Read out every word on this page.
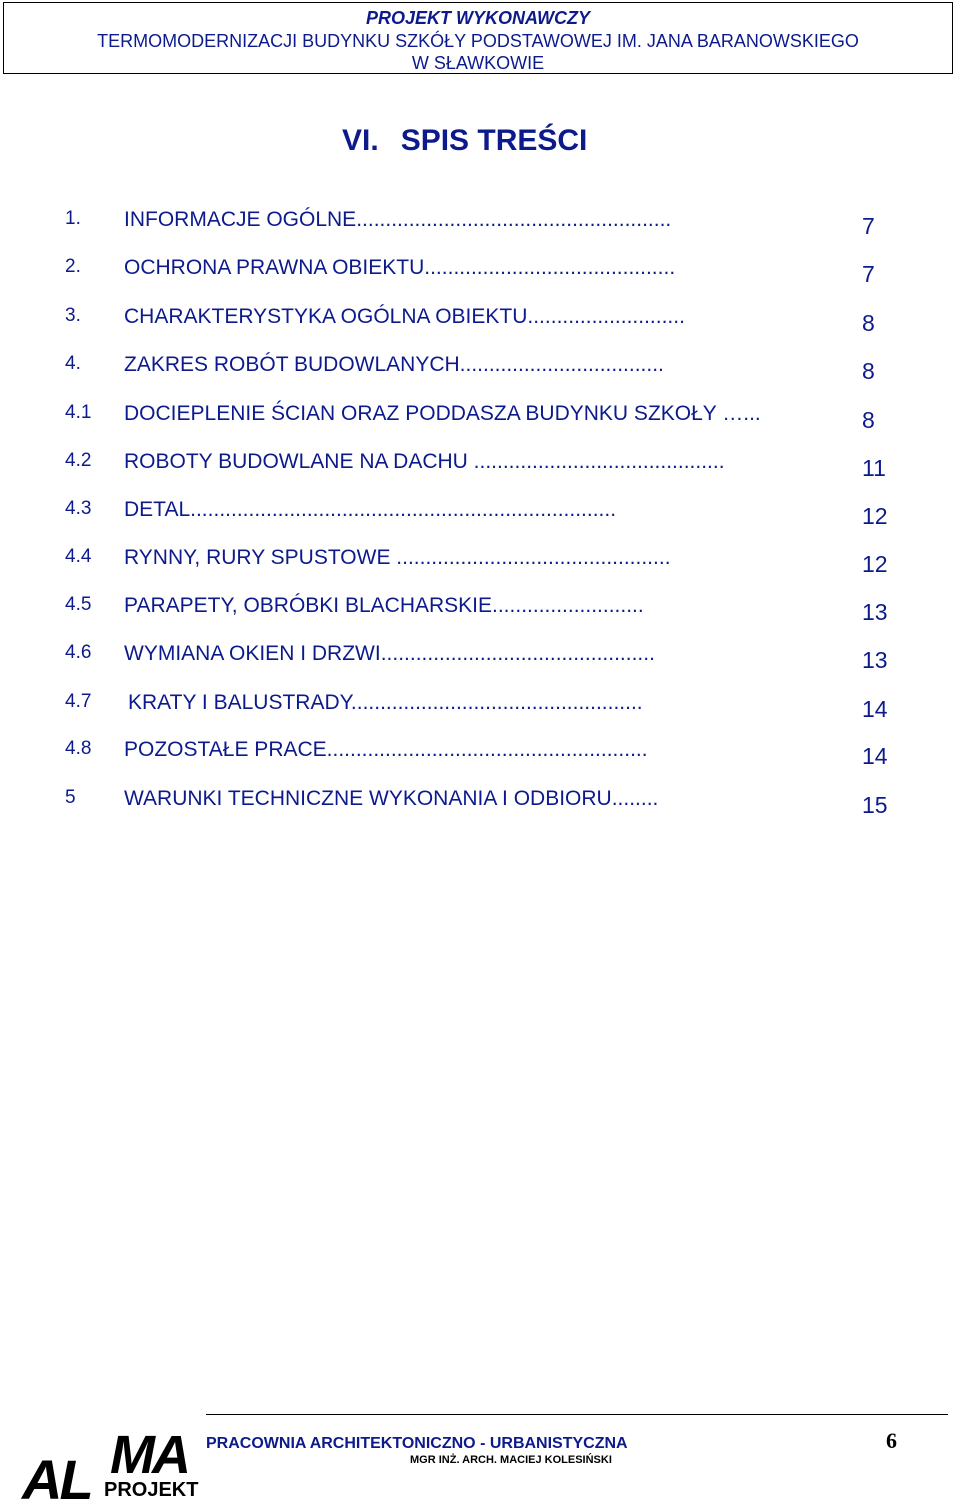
PROJEKT WYKONAWCZY
TERMOMODERNIZACJI BUDYNKU SZKÓŁY PODSTAWOWEJ IM. JANA BARANOWSKIEGO
W SŁAWKOWIE
VI. SPIS TREŚCI
1. INFORMACJE OGÓLNE......................................................	7
2. OCHRONA PRAWNA OBIEKTU...........................................	7
3. CHARAKTERYSTYKA OGÓLNA OBIEKTU...........................	8
4. ZAKRES ROBÓT BUDOWLANYCH...................................	8
4.1 DOCIEPLENIE ŚCIAN ORAZ PODDASZA BUDYNKU SZKOŁY …...	8
4.2 ROBOTY BUDOWLANE NA DACHU ...........................................	11
4.3 DETAL.........................................................................	12
4.4 RYNNY, RURY SPUSTOWE ...............................................	12
4.5 PARAPETY, OBRÓBKI BLACHARSKIE..........................	13
4.6 WYMIANA OKIEN I DRZWI...............................................	13
4.7 KRATY I BALUSTRADY..................................................	14
4.8 POZOSTAŁE PRACE.......................................................	14
5 WARUNKI TECHNICZNE WYKONANIA I ODBIORU........	15
AL MA
PROJEKT
PRACOWNIA ARCHITEKTONICZNO - URBANISTYCZNA
MGR INŻ. ARCH. MACIEJ KOLESIŃSKI
6
